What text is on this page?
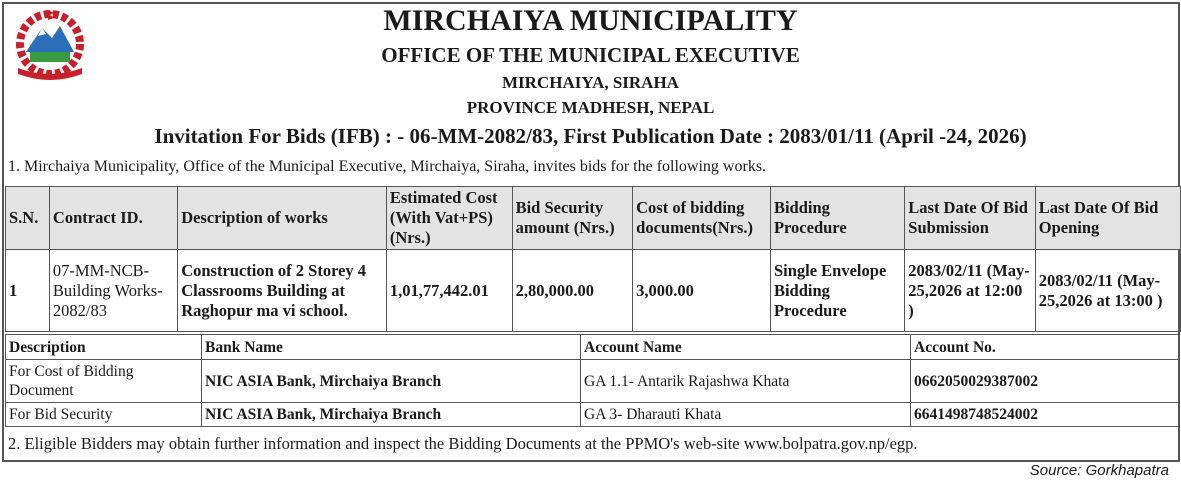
MIRCHAIYA MUNICIPALITY
OFFICE OF THE MUNICIPAL EXECUTIVE
MIRCHAIYA, SIRAHA
PROVINCE MADHESH, NEPAL
Invitation For Bids (IFB) : - 06-MM-2082/83, First Publication Date : 2083/01/11 (April -24, 2026)
1. Mirchaiya Municipality, Office of the Municipal Executive, Mirchaiya, Siraha, invites bids for the following works.
S.N.	Contract ID.	Description of works	Estimated Cost (With Vat+PS) (Nrs.)	Bid Security amount (Nrs.)	Cost of bidding documents(Nrs.)	Bidding Procedure	Last Date Of Bid Submission	Last Date Of Bid Opening
1	07-MM-NCB-Building Works-2082/83	Construction of 2 Storey 4 Classrooms Building at Raghopur ma vi school.	1,01,77,442.01	2,80,000.00	3,000.00	Single Envelope Bidding Procedure	2083/02/11 (May-25,2026 at 12:00 )	2083/02/11 (May-25,2026 at 13:00 )
Description	Bank Name	Account Name	Account No.
For Cost of Bidding Document	NIC ASIA Bank, Mirchaiya Branch	GA 1.1- Antarik Rajashwa Khata	0662050029387002
For Bid Security	NIC ASIA Bank, Mirchaiya Branch	GA 3- Dharauti Khata	6641498748524002
2. Eligible Bidders may obtain further information and inspect the Bidding Documents at the PPMO's web-site www.bolpatra.gov.np/egp.
Source: Gorkhapatra
